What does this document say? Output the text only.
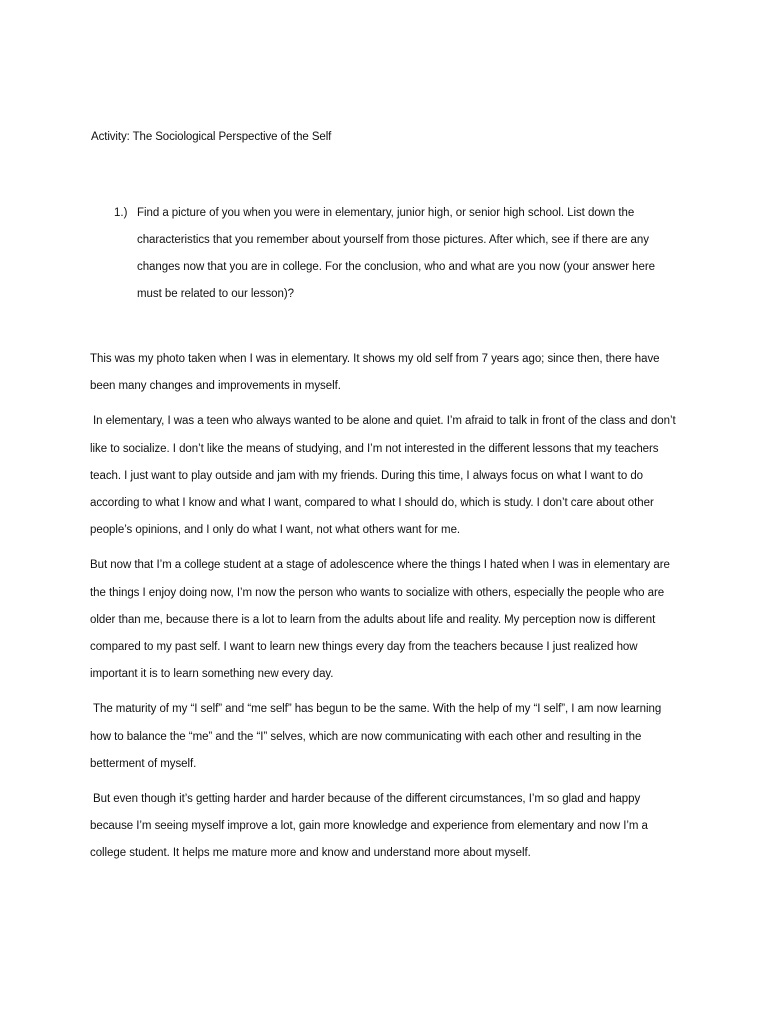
Activity: The Sociological Perspective of the Self
1.) Find a picture of you when you were in elementary, junior high, or senior high school. List down the characteristics that you remember about yourself from those pictures. After which, see if there are any changes now that you are in college. For the conclusion, who and what are you now (your answer here must be related to our lesson)?

This was my photo taken when I was in elementary. It shows my old self from 7 years ago; since then, there have been many changes and improvements in myself.

In elementary, I was a teen who always wanted to be alone and quiet. I’m afraid to talk in front of the class and don’t like to socialize. I don’t like the means of studying, and I’m not interested in the different lessons that my teachers teach. I just want to play outside and jam with my friends. During this time, I always focus on what I want to do according to what I know and what I want, compared to what I should do, which is study. I don’t care about other people’s opinions, and I only do what I want, not what others want for me.

But now that I’m a college student at a stage of adolescence where the things I hated when I was in elementary are the things I enjoy doing now, I’m now the person who wants to socialize with others, especially the people who are older than me, because there is a lot to learn from the adults about life and reality. My perception now is different compared to my past self. I want to learn new things every day from the teachers because I just realized how important it is to learn something new every day.

The maturity of my “I self” and “me self” has begun to be the same. With the help of my “I self”, I am now learning how to balance the “me” and the “I” selves, which are now communicating with each other and resulting in the betterment of myself.

But even though it’s getting harder and harder because of the different circumstances, I’m so glad and happy because I’m seeing myself improve a lot, gain more knowledge and experience from elementary and now I’m a college student. It helps me mature more and know and understand more about myself.
